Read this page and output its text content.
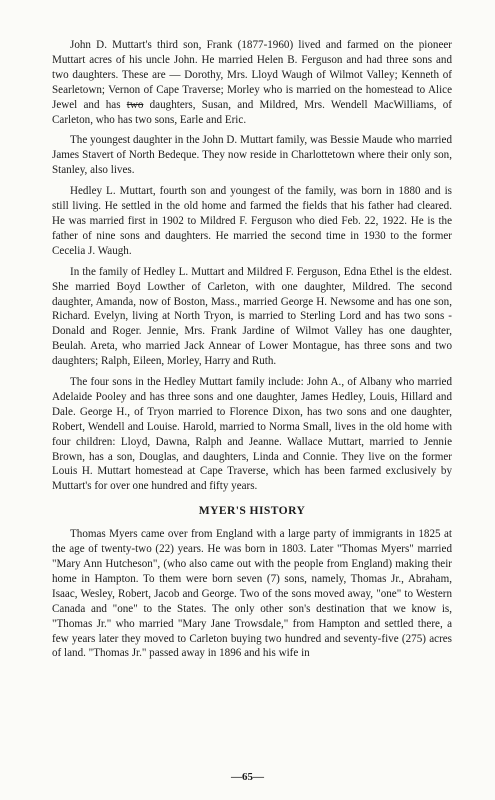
John D. Muttart's third son, Frank (1877-1960) lived and farmed on the pioneer Muttart acres of his uncle John. He married Helen B. Ferguson and had three sons and two daughters. These are — Dorothy, Mrs. Lloyd Waugh of Wilmot Valley; Kenneth of Searletown; Vernon of Cape Traverse; Morley who is married on the homestead to Alice Jewel and has two daughters, Susan, and Mildred, Mrs. Wendell MacWilliams, of Carleton, who has two sons, Earle and Eric.

The youngest daughter in the John D. Muttart family, was Bessie Maude who married James Stavert of North Bedeque. They now reside in Charlottetown where their only son, Stanley, also lives.

Hedley L. Muttart, fourth son and youngest of the family, was born in 1880 and is still living. He settled in the old home and farmed the fields that his father had cleared. He was married first in 1902 to Mildred F. Ferguson who died Feb. 22, 1922. He is the father of nine sons and daughters. He married the second time in 1930 to the former Cecelia J. Waugh.

In the family of Hedley L. Muttart and Mildred F. Ferguson, Edna Ethel is the eldest. She married Boyd Lowther of Carleton, with one daughter, Mildred. The second daughter, Amanda, now of Boston, Mass., married George H. Newsome and has one son, Richard. Evelyn, living at North Tryon, is married to Sterling Lord and has two sons - Donald and Roger. Jennie, Mrs. Frank Jardine of Wilmot Valley has one daughter, Beulah. Areta, who married Jack Annear of Lower Montague, has three sons and two daughters; Ralph, Eileen, Morley, Harry and Ruth.

The four sons in the Hedley Muttart family include: John A., of Albany who married Adelaide Pooley and has three sons and one daughter, James Hedley, Louis, Hillard and Dale. George H., of Tryon married to Florence Dixon, has two sons and one daughter, Robert, Wendell and Louise. Harold, married to Norma Small, lives in the old home with four children: Lloyd, Dawna, Ralph and Jeanne. Wallace Muttart, married to Jennie Brown, has a son, Douglas, and daughters, Linda and Connie. They live on the former Louis H. Muttart homestead at Cape Traverse, which has been farmed exclusively by Muttart's for over one hundred and fifty years.

MYER'S HISTORY

Thomas Myers came over from England with a large party of immigrants in 1825 at the age of twenty-two (22) years. He was born in 1803. Later "Thomas Myers" married "Mary Ann Hutcheson", (who also came out with the people from England) making their home in Hampton. To them were born seven (7) sons, namely, Thomas Jr., Abraham, Isaac, Wesley, Robert, Jacob and George. Two of the sons moved away, "one" to Western Canada and "one" to the States. The only other son's destination that we know is, "Thomas Jr." who married "Mary Jane Trowsdale," from Hampton and settled there, a few years later they moved to Carleton buying two hundred and seventy-five (275) acres of land. "Thomas Jr." passed away in 1896 and his wife in

—65—
